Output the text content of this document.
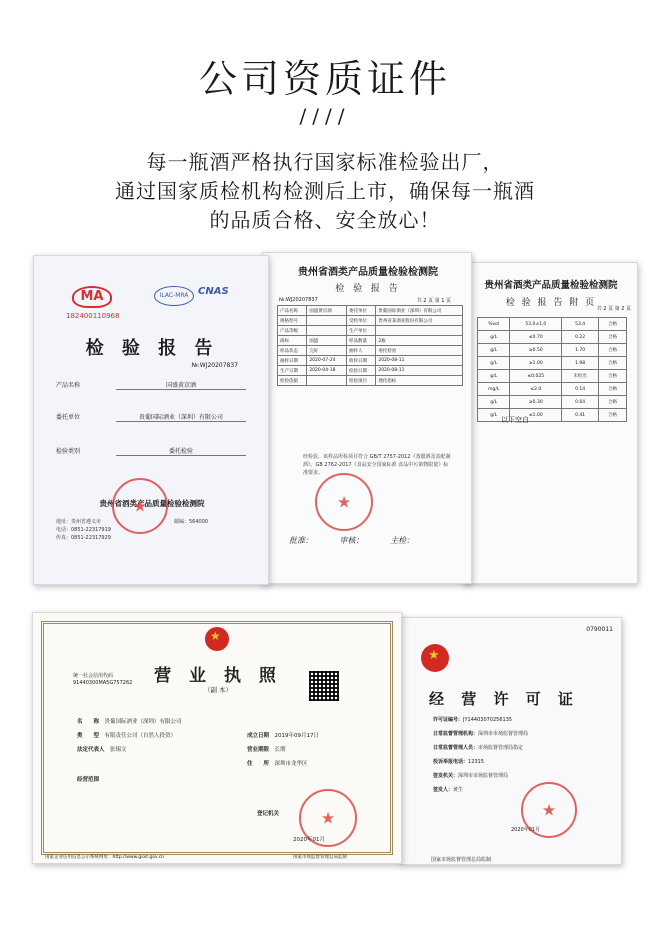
公司资质证件
////
每一瓶酒严格执行国家标准检验出厂，
通过国家质检机构检测后上市，确保每一瓶酒
的品质合格、安全放心！
贵州省酒类产品质量检验检测院
检 验 报 告 附 页
共 2 页 第 2 页
%vol	53.0±1.0	53.4	合格
g/L	≤0.70	0.22	合格
g/L	≥0.50	1.70	合格
g/L	≥1.00	1.98	合格
g/L	≤0.025	未检出	合格
mg/L	≤2.0	0.14	合格
g/L	≥0.30	0.64	合格
g/L	≤1.00	0.41	合格
以下空白
贵州省酒类产品质量检验检测院
检 验 报 告
№:WJ20207837	共 2 页 第 1 页
产品名称	国盛黄京酒	委托单位	贵葡国际酒业（深圳）有限公司
规格型号		受检单位	贵州省某酒业股份有限公司
产品等级		生产单位	
商标	国盛	样品数量	2瓶
样品状态	完好	抽样人	委托检验
抽样日期	2020-07-24	收样日期	2020-08-11
生产日期	2020-04-18	检验日期	2020-08-11
检验依据		检验项目	理化指标
经检验，该样品所检项目符合 GB/T 2757-2012《蒸馏酒及其配制酒》、GB 2762-2017《食品安全国家标准 食品中污染物限量》标准要求。
★
批准：　　　	审核：　　　	主检：
MA
182400110968
ILAC-MRA CNAS
检 验 报 告
№:WJ20207837
产品名称	国盛黄京酒
委托单位	贵葡国际酒业（深圳）有限公司
检验类别	委托检验
贵州省酒类产品质量检验检测院
★
地址：贵州省遵义市
电话：0851-22317919
传真：0851-22317929
邮编：564000
0790011
★
经 营 许 可 证
许可证编号：JY14403070256135
日常监督管理机构：深圳市市场监督管理局
日常监督管理人员：市场监督管理局指定
投诉举报电话：12315
签发机关：深圳市市场监督管理局
签发人：黄生
★
2020年01月
国家市场监督管理总局监制
★
统一社会信用代码
91440300MA5G757262	营 业 执 照
（副 本）
名　　称　 贵葡国际酒业（深圳）有限公司
类　　型　 有限责任公司（自然人投资）
法定代表人　 张锡文
经营范围
成立日期　 2019年09月17日
营业期限　 长期
住　　所　 深圳市龙华区
★
登记机关
2020年01月
国家企业信用信息公示系统网址：http://www.gsxt.gov.cn	国家市场监督管理总局监制
